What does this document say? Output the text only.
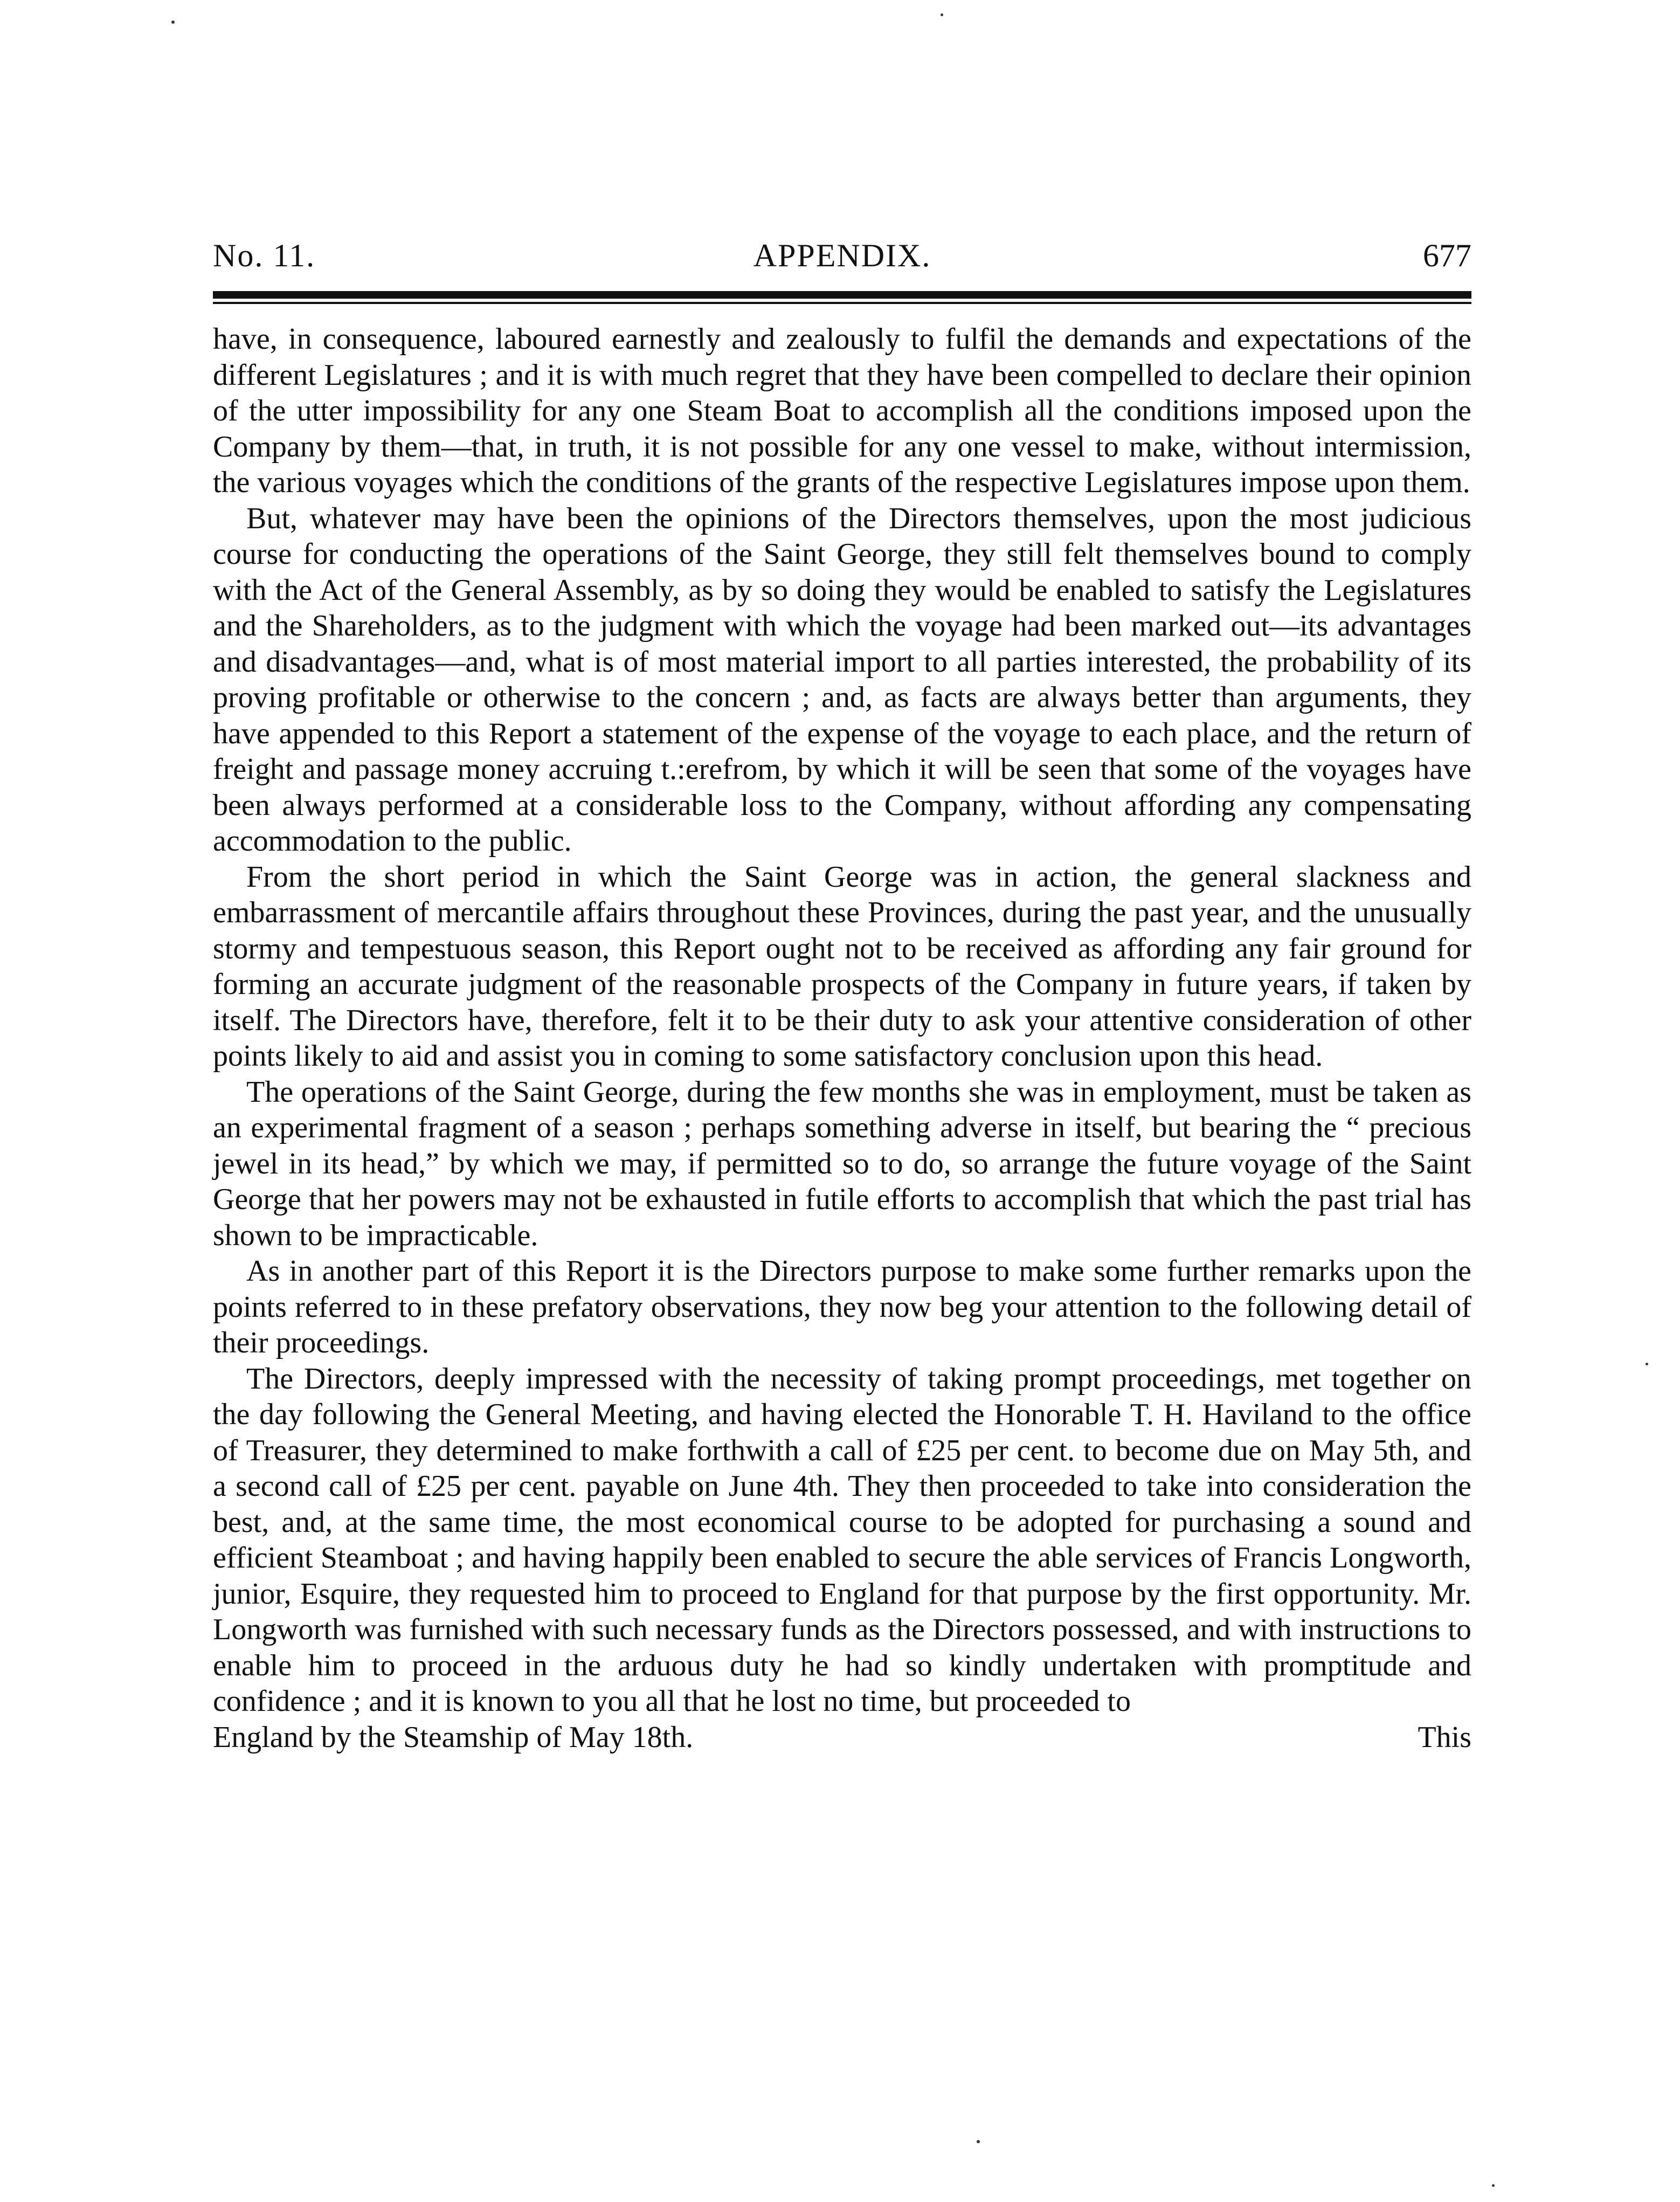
No. 11.	APPENDIX.	677

have, in consequence, laboured earnestly and zealously to fulfil the demands and expectations of the different Legislatures ; and it is with much regret that they have been compelled to declare their opinion of the utter impossibility for any one Steam Boat to accomplish all the conditions imposed upon the Company by them—that, in truth, it is not possible for any one vessel to make, without intermission, the various voyages which the conditions of the grants of the respective Legislatures impose upon them.

But, whatever may have been the opinions of the Directors themselves, upon the most judicious course for conducting the operations of the Saint George, they still felt themselves bound to comply with the Act of the General Assembly, as by so doing they would be enabled to satisfy the Legislatures and the Shareholders, as to the judgment with which the voyage had been marked out—its advantages and disadvantages—and, what is of most material import to all parties interested, the probability of its proving profitable or otherwise to the concern ; and, as facts are always better than arguments, they have appended to this Report a statement of the expense of the voyage to each place, and the return of freight and passage money accruing t.:erefrom, by which it will be seen that some of the voyages have been always performed at a considerable loss to the Company, without affording any compensating accommodation to the public.

From the short period in which the Saint George was in action, the general slackness and embarrassment of mercantile affairs throughout these Provinces, during the past year, and the unusually stormy and tempestuous season, this Report ought not to be received as affording any fair ground for forming an accurate judgment of the reasonable prospects of the Company in future years, if taken by itself. The Directors have, therefore, felt it to be their duty to ask your attentive consideration of other points likely to aid and assist you in coming to some satisfactory conclusion upon this head.

The operations of the Saint George, during the few months she was in employment, must be taken as an experimental fragment of a season ; perhaps something adverse in itself, but bearing the “ precious jewel in its head,” by which we may, if permitted so to do, so arrange the future voyage of the Saint George that her powers may not be exhausted in futile efforts to accomplish that which the past trial has shown to be impracticable.

As in another part of this Report it is the Directors purpose to make some further remarks upon the points referred to in these prefatory observations, they now beg your attention to the following detail of their proceedings.

The Directors, deeply impressed with the necessity of taking prompt proceedings, met together on the day following the General Meeting, and having elected the Honorable T. H. Haviland to the office of Treasurer, they determined to make forthwith a call of £25 per cent. to become due on May 5th, and a second call of £25 per cent. payable on June 4th. They then proceeded to take into consideration the best, and, at the same time, the most economical course to be adopted for purchasing a sound and efficient Steamboat ; and having happily been enabled to secure the able services of Francis Longworth, junior, Esquire, they requested him to proceed to England for that purpose by the first opportunity. Mr. Longworth was furnished with such necessary funds as the Directors possessed, and with instructions to enable him to proceed in the arduous duty he had so kindly undertaken with promptitude and confidence ; and it is known to you all that he lost no time, but proceeded to

England by the Steamship of May 18th.	This
